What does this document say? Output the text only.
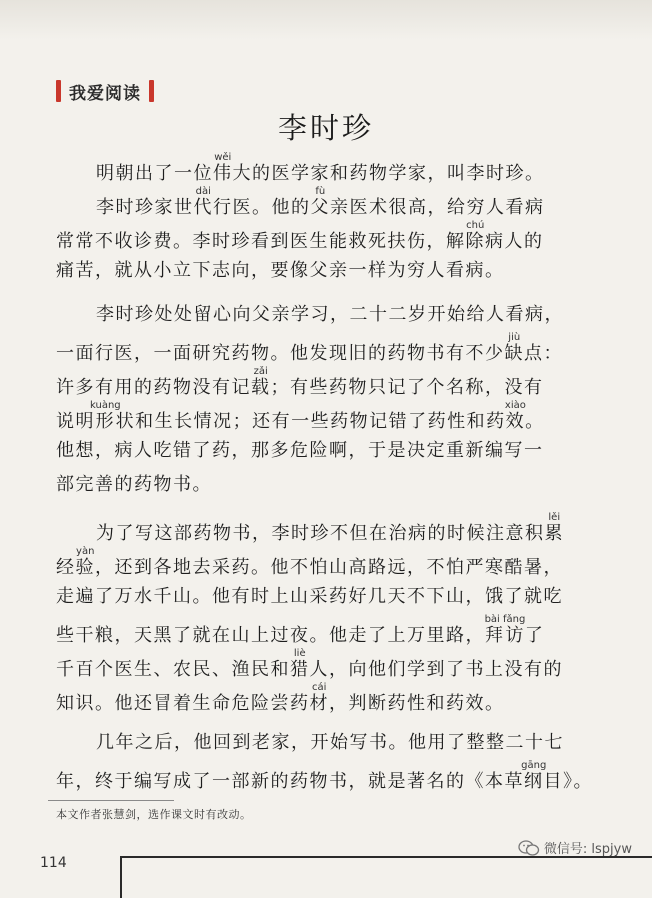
我爱阅读
李时珍
明朝出了一位伟wěi大的医学家和药物学家，叫李时珍。
李时珍家世代dài行医。他的父fù亲医术很高，给穷人看病
常常不收诊费。李时珍看到医生能救死扶伤，解除chú病人的
痛苦，就从小立下志向，要像父亲一样为穷人看病。
李时珍处处留心向父亲学习，二十二岁开始给人看病，
一面行医，一面研究药物。他发现旧的药物书有不少缺jiù点：
许多有用的药物没有记载zǎi；有些药物只记了个名称，没有
说明形kuàng状和生长情况；还有一些药物记错了药性和药效xiào。
他想，病人吃错了药，那多危险啊，于是决定重新编写一
部完善的药物书。
为了写这部药物书，李时珍不但在治病的时候注意积累lěi
经验yàn，还到各地去采药。他不怕山高路远，不怕严寒酷暑，
走遍了万水千山。他有时上山采药好几天不下山，饿了就吃
些干粮，天黑了就在山上过夜。他走了上万里路，拜访bài fǎng了
千百个医生、农民、渔民和猎liè人，向他们学到了书上没有的
知识。他还冒着生命危险尝药材cái，判断药性和药效。
几年之后，他回到老家，开始写书。他用了整整二十七
年，终于编写成了一部新的药物书，就是著名的《本草纲gāng目》。
本文作者张慧剑，选作课文时有改动。
114
微信号: lspjyw
